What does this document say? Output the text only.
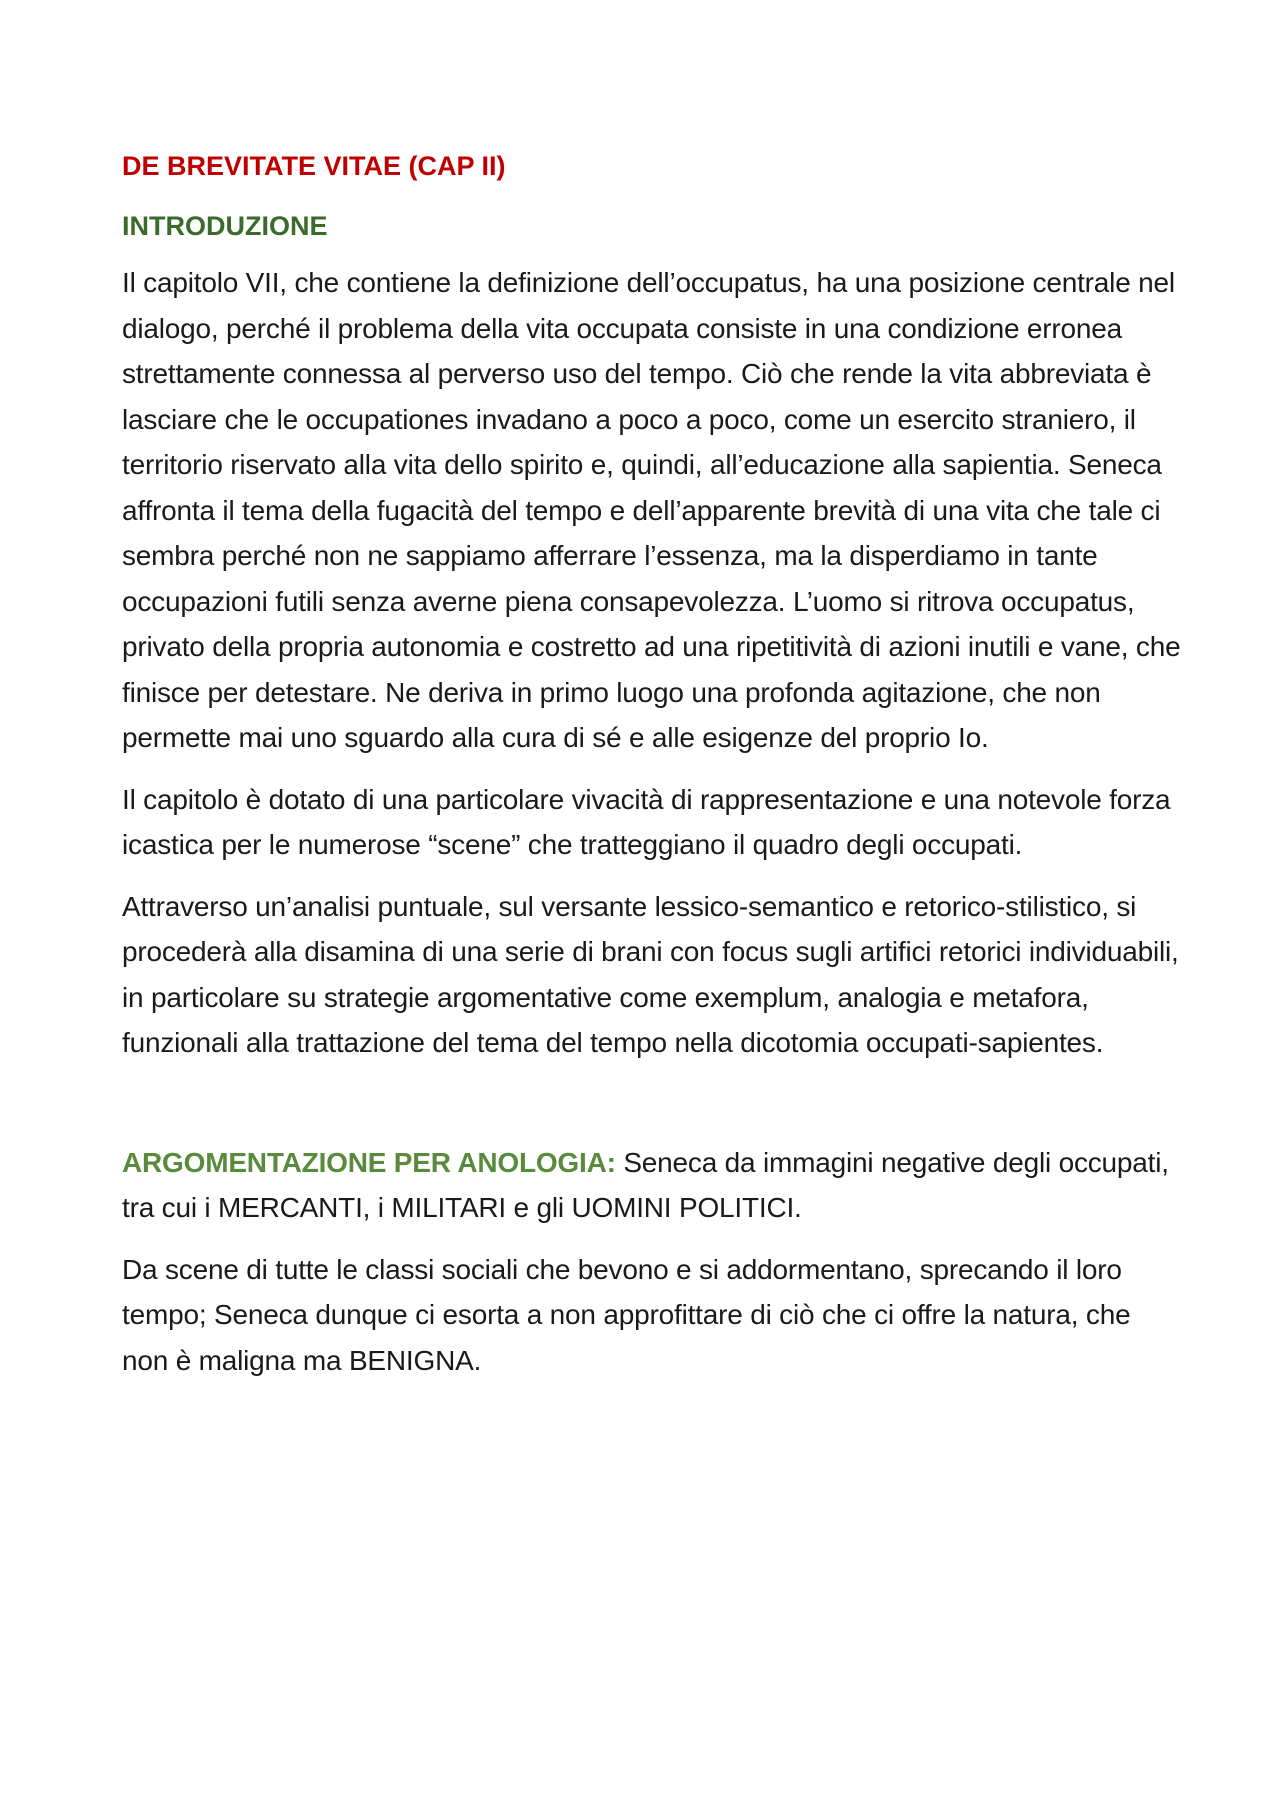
DE BREVITATE VITAE (CAP II)
INTRODUZIONE

Il capitolo VII, che contiene la definizione dell’occupatus, ha una posizione centrale nel dialogo, perché il problema della vita occupata consiste in una condizione erronea strettamente connessa al perverso uso del tempo. Ciò che rende la vita abbreviata è lasciare che le occupationes invadano a poco a poco, come un esercito straniero, il territorio riservato alla vita dello spirito e, quindi, all’educazione alla sapientia. Seneca affronta il tema della fugacità del tempo e dell’apparente brevità di una vita che tale ci sembra perché non ne sappiamo afferrare l’essenza, ma la disperdiamo in tante occupazioni futili senza averne piena consapevolezza. L’uomo si ritrova occupatus, privato della propria autonomia e costretto ad una ripetitività di azioni inutili e vane, che finisce per detestare. Ne deriva in primo luogo una profonda agitazione, che non permette mai uno sguardo alla cura di sé e alle esigenze del proprio Io.

Il capitolo è dotato di una particolare vivacità di rappresentazione e una notevole forza icastica per le numerose “scene” che tratteggiano il quadro degli occupati.

Attraverso un’analisi puntuale, sul versante lessico-semantico e retorico-stilistico, si procederà alla disamina di una serie di brani con focus sugli artifici retorici individuabili, in particolare su strategie argomentative come exemplum, analogia e metafora, funzionali alla trattazione del tema del tempo nella dicotomia occupati-sapientes.

ARGOMENTAZIONE PER ANOLOGIA: Seneca da immagini negative degli occupati, tra cui i MERCANTI, i MILITARI e gli UOMINI POLITICI.

Da scene di tutte le classi sociali che bevono e si addormentano, sprecando il loro tempo; Seneca dunque ci esorta a non approfittare di ciò che ci offre la natura, che non è maligna ma BENIGNA.
